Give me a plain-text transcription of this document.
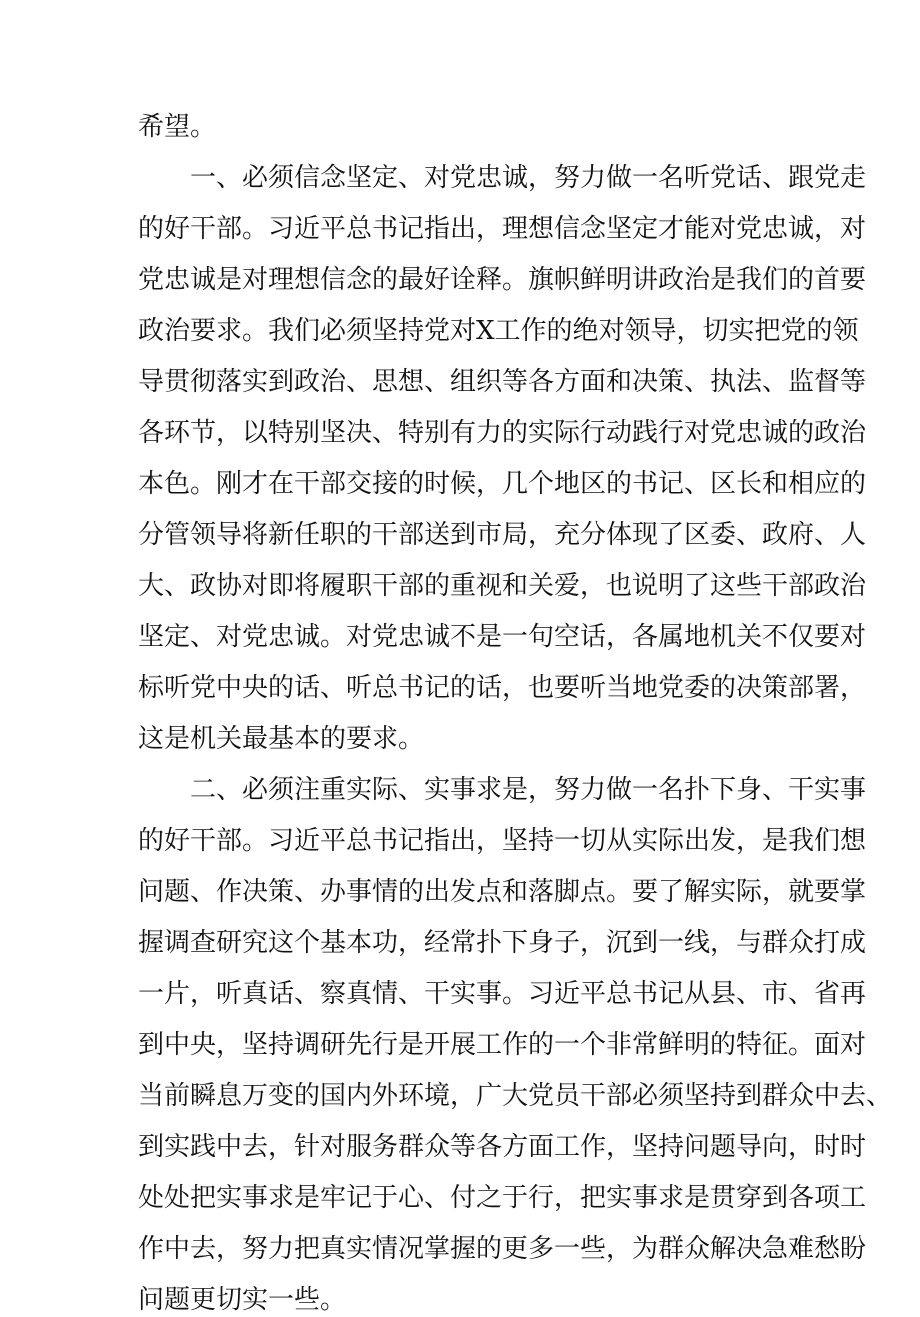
希望。
一、必须信念坚定、对党忠诚，努力做一名听党话、跟党走
的好干部。习近平总书记指出，理想信念坚定才能对党忠诚，对
党忠诚是对理想信念的最好诠释。旗帜鲜明讲政治是我们的首要
政治要求。我们必须坚持党对X工作的绝对领导，切实把党的领
导贯彻落实到政治、思想、组织等各方面和决策、执法、监督等
各环节，以特别坚决、特别有力的实际行动践行对党忠诚的政治
本色。刚才在干部交接的时候，几个地区的书记、区长和相应的
分管领导将新任职的干部送到市局，充分体现了区委、政府、人
大、政协对即将履职干部的重视和关爱，也说明了这些干部政治
坚定、对党忠诚。对党忠诚不是一句空话，各属地机关不仅要对
标听党中央的话、听总书记的话，也要听当地党委的决策部署，
这是机关最基本的要求。
二、必须注重实际、实事求是，努力做一名扑下身、干实事
的好干部。习近平总书记指出，坚持一切从实际出发，是我们想
问题、作决策、办事情的出发点和落脚点。要了解实际，就要掌
握调查研究这个基本功，经常扑下身子，沉到一线，与群众打成
一片，听真话、察真情、干实事。习近平总书记从县、市、省再
到中央，坚持调研先行是开展工作的一个非常鲜明的特征。面对
当前瞬息万变的国内外环境，广大党员干部必须坚持到群众中去、
到实践中去，针对服务群众等各方面工作，坚持问题导向，时时
处处把实事求是牢记于心、付之于行，把实事求是贯穿到各项工
作中去，努力把真实情况掌握的更多一些，为群众解决急难愁盼
问题更切实一些。
